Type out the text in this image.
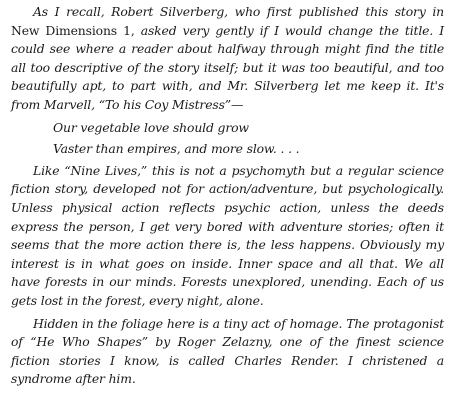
As I recall, Robert Silverberg, who first published this story in New Dimensions 1, asked very gently if I would change the title. I could see where a reader about halfway through might find the title all too descriptive of the story itself; but it was too beautiful, and too beautifully apt, to part with, and Mr. Silverberg let me keep it. It's from Marvell, “To his Coy Mistress”—

Our vegetable love should grow
Vaster than empires, and more slow. . . .

Like “Nine Lives,” this is not a psychomyth but a regular science fiction story, developed not for action/adventure, but psychologically. Unless physical action reflects psychic action, unless the deeds express the person, I get very bored with adventure stories; often it seems that the more action there is, the less happens. Obviously my interest is in what goes on inside. Inner space and all that. We all have forests in our minds. Forests unexplored, unending. Each of us gets lost in the forest, every night, alone.

Hidden in the foliage here is a tiny act of homage. The protagonist of “He Who Shapes” by Roger Zelazny, one of the finest science fiction stories I know, is called Charles Render. I christened a syndrome after him.
